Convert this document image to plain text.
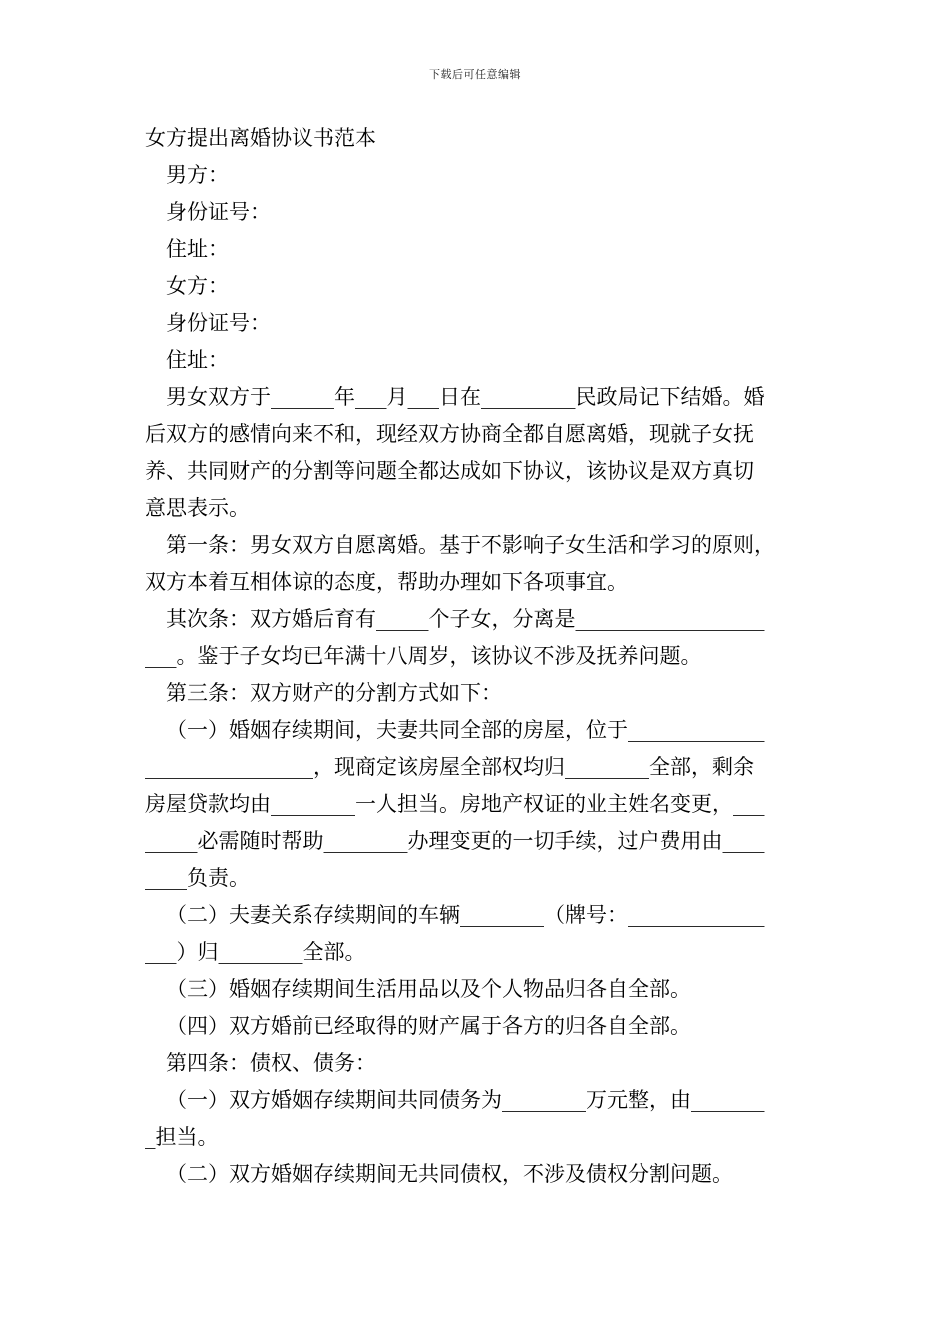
下载后可任意编辑
女方提出离婚协议书范本
男方：
身份证号：
住址：
女方：
身份证号：
住址：
男女双方于______年___月___日在_________民政局记下结婚。婚
后双方的感情向来不和，现经双方协商全都自愿离婚，现就子女抚
养、共同财产的分割等问题全都达成如下协议，该协议是双方真切
意思表示。
第一条：男女双方自愿离婚。基于不影响子女生活和学习的原则，
双方本着互相体谅的态度，帮助办理如下各项事宜。
其次条：双方婚后育有_____个子女，分离是__________________
___。鉴于子女均已年满十八周岁，该协议不涉及抚养问题。
第三条：双方财产的分割方式如下：
（一）婚姻存续期间，夫妻共同全部的房屋，位于_____________
________________，现商定该房屋全部权均归________全部，剩余
房屋贷款均由________一人担当。房地产权证的业主姓名变更，___
_____必需随时帮助________办理变更的一切手续，过户费用由____
____负责。
（二）夫妻关系存续期间的车辆________（牌号：_____________
___）归________全部。
（三）婚姻存续期间生活用品以及个人物品归各自全部。
（四）双方婚前已经取得的财产属于各方的归各自全部。
第四条：债权、债务：
（一）双方婚姻存续期间共同债务为________万元整，由_______
_担当。
（二）双方婚姻存续期间无共同债权，不涉及债权分割问题。
